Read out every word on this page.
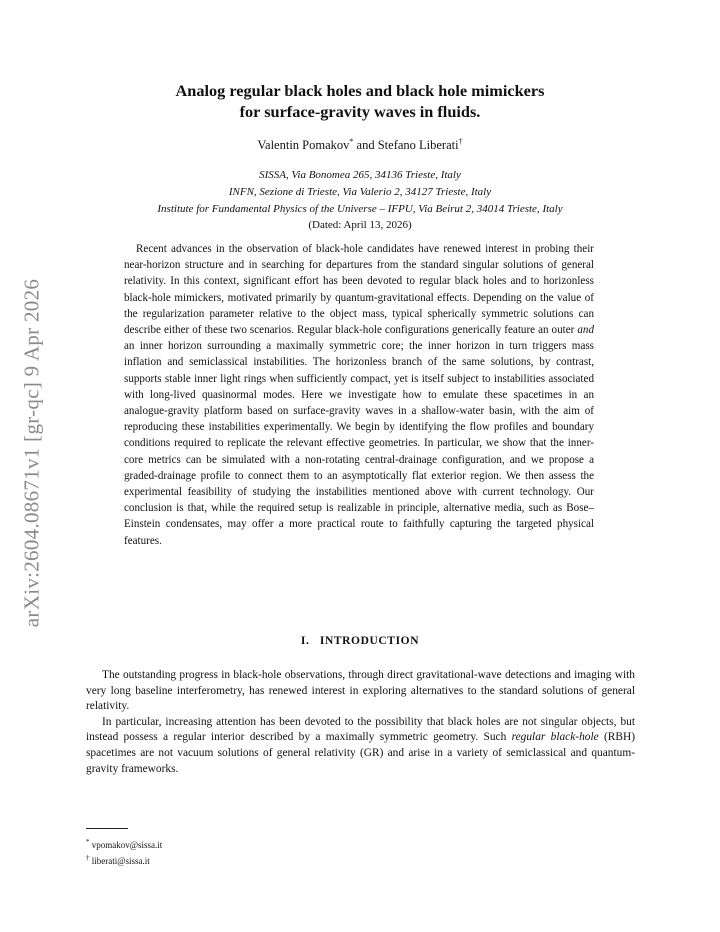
arXiv:2604.08671v1 [gr-qc] 9 Apr 2026
Analog regular black holes and black hole mimickers
for surface-gravity waves in fluids.
Valentin Pomakov* and Stefano Liberati†
SISSA, Via Bonomea 265, 34136 Trieste, Italy
INFN, Sezione di Trieste, Via Valerio 2, 34127 Trieste, Italy
Institute for Fundamental Physics of the Universe – IFPU, Via Beirut 2, 34014 Trieste, Italy
(Dated: April 13, 2026)

Recent advances in the observation of black-hole candidates have renewed interest in probing their near-horizon structure and in searching for departures from the standard singular solutions of general relativity. In this context, significant effort has been devoted to regular black holes and to horizonless black-hole mimickers, motivated primarily by quantum-gravitational effects. Depending on the value of the regularization parameter relative to the object mass, typical spherically symmetric solutions can describe either of these two scenarios. Regular black-hole configurations generically feature an outer and an inner horizon surrounding a maximally symmetric core; the inner horizon in turn triggers mass inflation and semiclassical instabilities. The horizonless branch of the same solutions, by contrast, supports stable inner light rings when sufficiently compact, yet is itself subject to instabilities associated with long-lived quasinormal modes. Here we investigate how to emulate these spacetimes in an analogue-gravity platform based on surface-gravity waves in a shallow-water basin, with the aim of reproducing these instabilities experimentally. We begin by identifying the flow profiles and boundary conditions required to replicate the relevant effective geometries. In particular, we show that the inner-core metrics can be simulated with a non-rotating central-drainage configuration, and we propose a graded-drainage profile to connect them to an asymptotically flat exterior region. We then assess the experimental feasibility of studying the instabilities mentioned above with current technology. Our conclusion is that, while the required setup is realizable in principle, alternative media, such as Bose–Einstein condensates, may offer a more practical route to faithfully capturing the targeted physical features.

I.   INTRODUCTION

The outstanding progress in black-hole observations, through direct gravitational-wave detections and imaging with very long baseline interferometry, has renewed interest in exploring alternatives to the standard solutions of general relativity.

In particular, increasing attention has been devoted to the possibility that black holes are not singular objects, but instead possess a regular interior described by a maximally symmetric geometry. Such regular black-hole (RBH) spacetimes are not vacuum solutions of general relativity (GR) and arise in a variety of semiclassical and quantum-gravity frameworks.

* vpomakov@sissa.it
† liberati@sissa.it
